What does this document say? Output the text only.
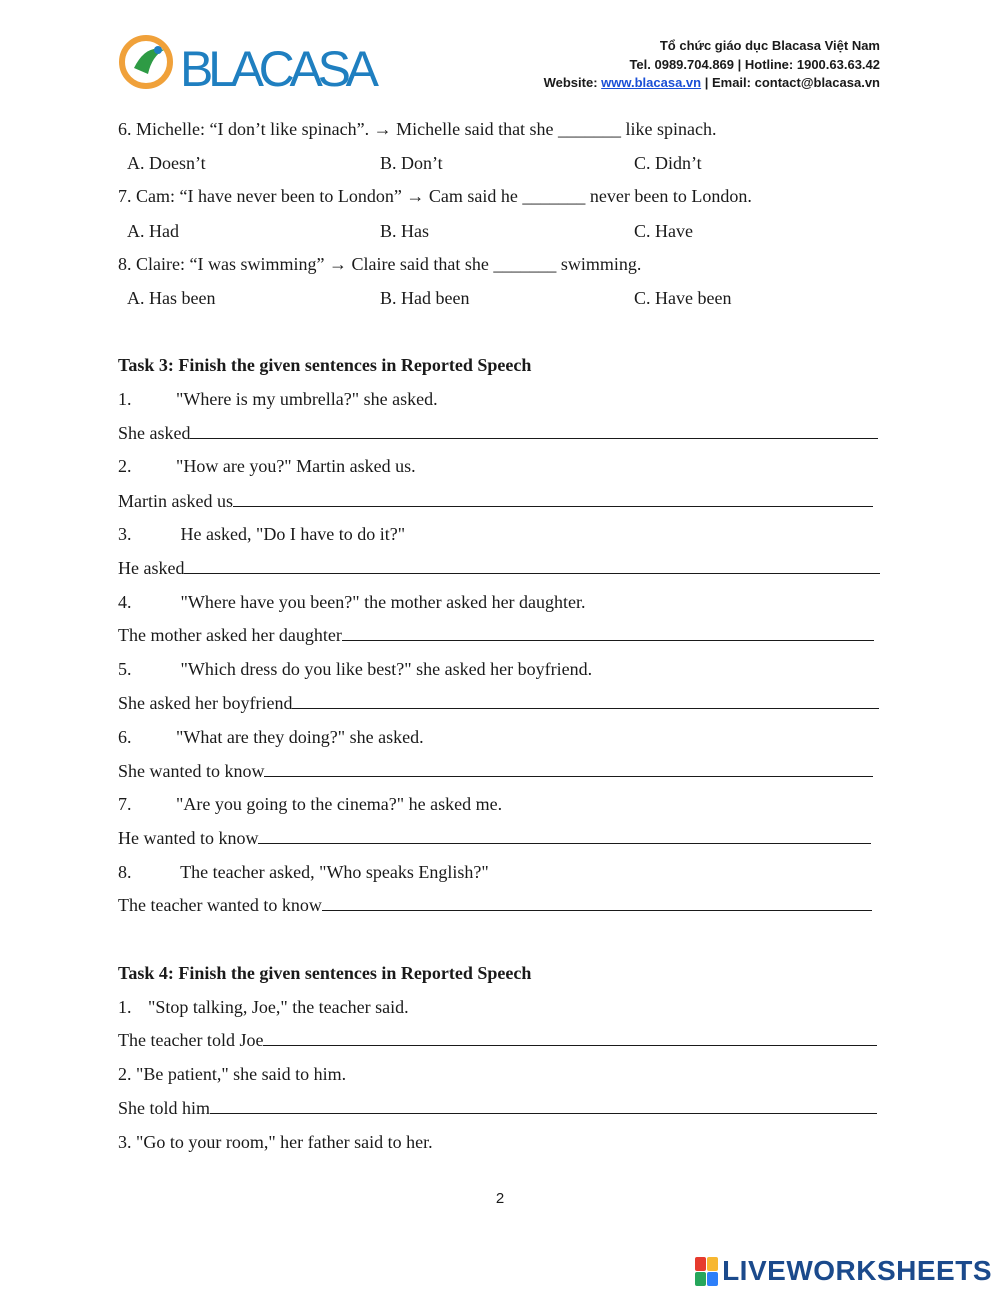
BLACASA	Tổ chức giáo dục Blacasa Việt Nam
Tel. 0989.704.869 | Hotline: 1900.63.63.42
Website: www.blacasa.vn | Email: contact@blacasa.vn
6. Michelle: “I don’t like spinach”. → Michelle said that she _______ like spinach.
A. Doesn’t	B. Don’t	C. Didn’t
7. Cam: “I have never been to London” → Cam said he _______ never been to London.
A. Had	B. Has	C. Have
8. Claire: “I was swimming” → Claire said that she _______ swimming.
A. Has been	B. Had been	C. Have been
Task 3: Finish the given sentences in Reported Speech
1. "Where is my umbrella?" she asked.
She asked
2. "How are you?" Martin asked us.
Martin asked us
3. He asked, "Do I have to do it?"
He asked
4. "Where have you been?" the mother asked her daughter.
The mother asked her daughter
5. "Which dress do you like best?" she asked her boyfriend.
She asked her boyfriend
6. "What are they doing?" she asked.
She wanted to know
7. "Are you going to the cinema?" he asked me.
He wanted to know
8. The teacher asked, "Who speaks English?"
The teacher wanted to know
Task 4: Finish the given sentences in Reported Speech
1. "Stop talking, Joe," the teacher said.
The teacher told Joe
2. "Be patient," she said to him.
She told him
3. "Go to your room," her father said to her.
2
LIVEWORKSHEETS
